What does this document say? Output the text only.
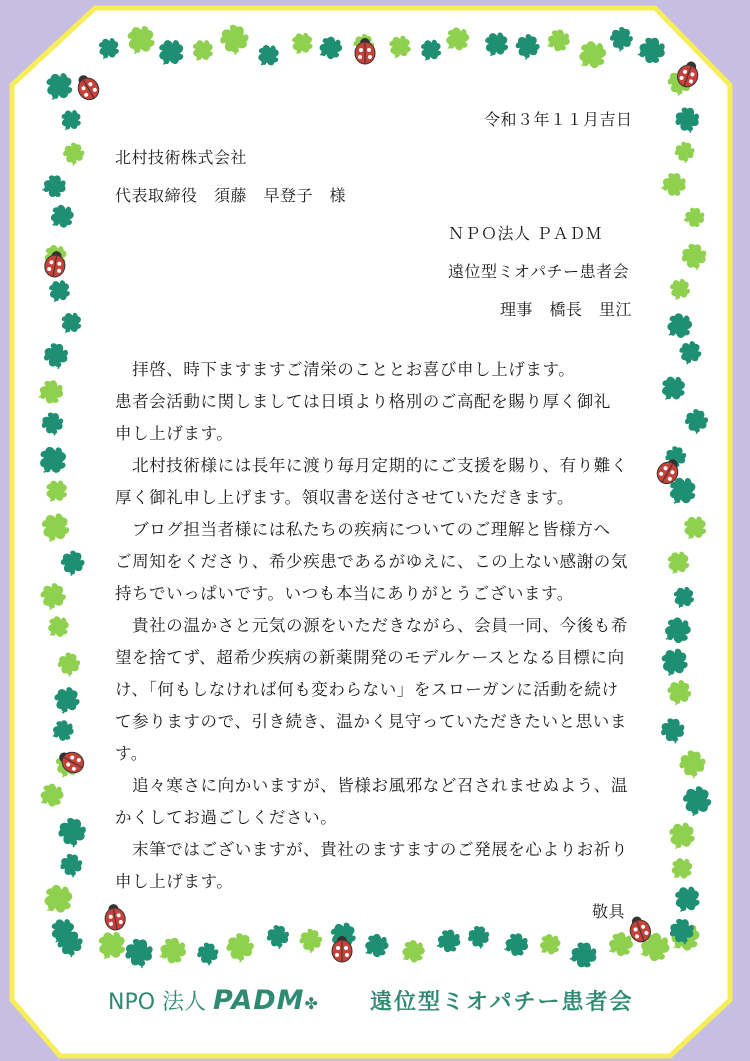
令和３年１１月吉日
北村技術株式会社
代表取締役　須藤　早登子　様
ＮＰＯ法人 ＰＡＤＭ
遠位型ミオパチー患者会
理事　橋長　里江
　拝啓、時下ますますご清栄のこととお喜び申し上げます。
患者会活動に関しましては日頃より格別のご高配を賜り厚く御礼
申し上げます。
　北村技術様には長年に渡り毎月定期的にご支援を賜り、有り難く
厚く御礼申し上げます。領収書を送付させていただきます。
　ブログ担当者様には私たちの疾病についてのご理解と皆様方へ
ご周知をくださり、希少疾患であるがゆえに、この上ない感謝の気
持ちでいっぱいです。いつも本当にありがとうございます。
　貴社の温かさと元気の源をいただきながら、会員一同、今後も希
望を捨てず、超希少疾病の新薬開発のモデルケースとなる目標に向
け、「何もしなければ何も変わらない」をスローガンに活動を続け
て参りますので、引き続き、温かく見守っていただきたいと思いま
す。
　追々寒さに向かいますが、皆様お風邪など召されませぬよう、温
かくしてお過ごしください。
　末筆ではございますが、貴社のますますのご発展を心よりお祈り
申し上げます。
敬具
NPO 法人 PADM✤ 遠位型ミオパチー患者会
